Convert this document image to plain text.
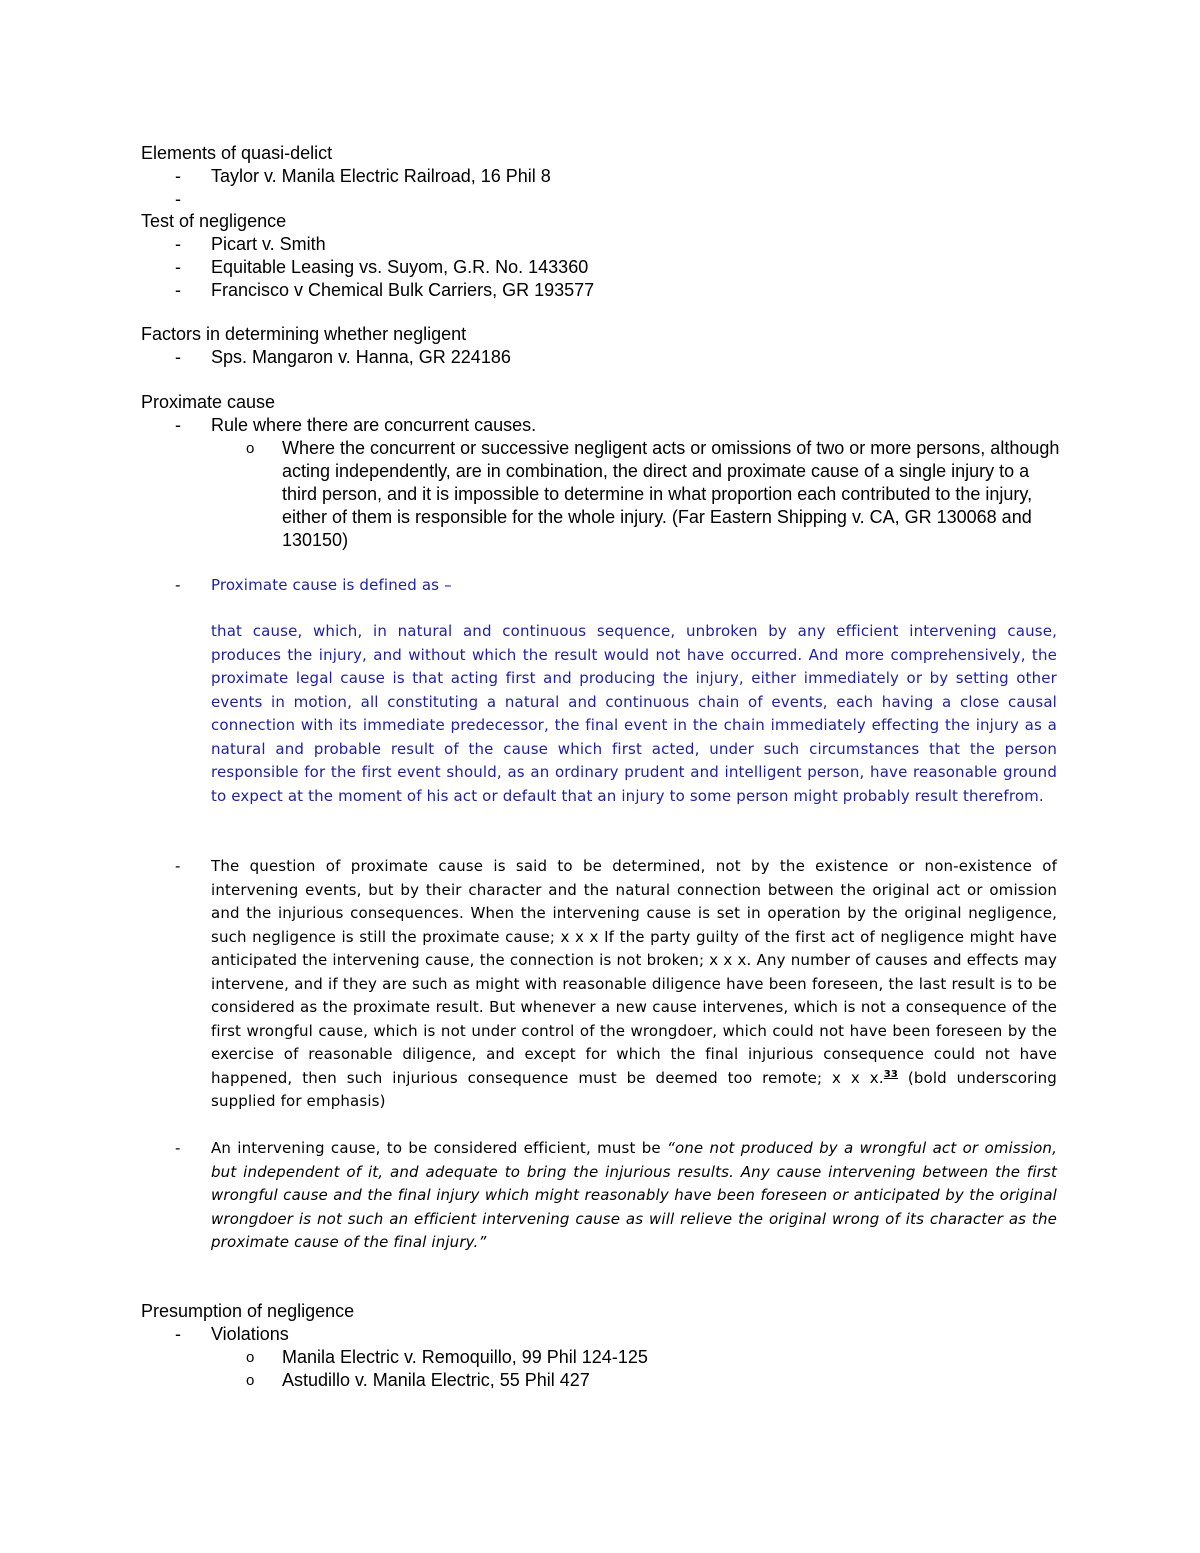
Elements of quasi-delict
-	Taylor v. Manila Electric Railroad, 16 Phil 8
-
Test of negligence
-	Picart v. Smith
-	Equitable Leasing vs. Suyom, G.R. No. 143360
-	Francisco v Chemical Bulk Carriers, GR 193577
Factors in determining whether negligent
-	Sps. Mangaron v. Hanna, GR 224186
Proximate cause
-	Rule where there are concurrent causes.
o Where the concurrent or successive negligent acts or omissions of two or more persons, although acting independently, are in combination, the direct and proximate cause of a single injury to a third person, and it is impossible to determine in what proportion each contributed to the injury, either of them is responsible for the whole injury. (Far Eastern Shipping v. CA, GR 130068 and 130150)
-	Proximate cause is defined as –
that cause, which, in natural and continuous sequence, unbroken by any efficient intervening cause, produces the injury, and without which the result would not have occurred. And more comprehensively, the proximate legal cause is that acting first and producing the injury, either immediately or by setting other events in motion, all constituting a natural and continuous chain of events, each having a close causal connection with its immediate predecessor, the final event in the chain immediately effecting the injury as a natural and probable result of the cause which first acted, under such circumstances that the person responsible for the first event should, as an ordinary prudent and intelligent person, have reasonable ground to expect at the moment of his act or default that an injury to some person might probably result therefrom.
-	The question of proximate cause is said to be determined, not by the existence or non-existence of intervening events, but by their character and the natural connection between the original act or omission and the injurious consequences. When the intervening cause is set in operation by the original negligence, such negligence is still the proximate cause; x x x If the party guilty of the first act of negligence might have anticipated the intervening cause, the connection is not broken; x x x. Any number of causes and effects may intervene, and if they are such as might with reasonable diligence have been foreseen, the last result is to be considered as the proximate result. But whenever a new cause intervenes, which is not a consequence of the first wrongful cause, which is not under control of the wrongdoer, which could not have been foreseen by the exercise of reasonable diligence, and except for which the final injurious consequence could not have happened, then such injurious consequence must be deemed too remote; x x x.$^{33}$ (bold underscoring supplied for emphasis)
-	An intervening cause, to be considered efficient, must be “one not produced by a wrongful act or omission, but independent of it, and adequate to bring the injurious results. Any cause intervening between the first wrongful cause and the final injury which might reasonably have been foreseen or anticipated by the original wrongdoer is not such an efficient intervening cause as will relieve the original wrong of its character as the proximate cause of the final injury.”
Presumption of negligence
-	Violations
o Manila Electric v. Remoquillo, 99 Phil 124-125
o Astudillo v. Manila Electric, 55 Phil 427
